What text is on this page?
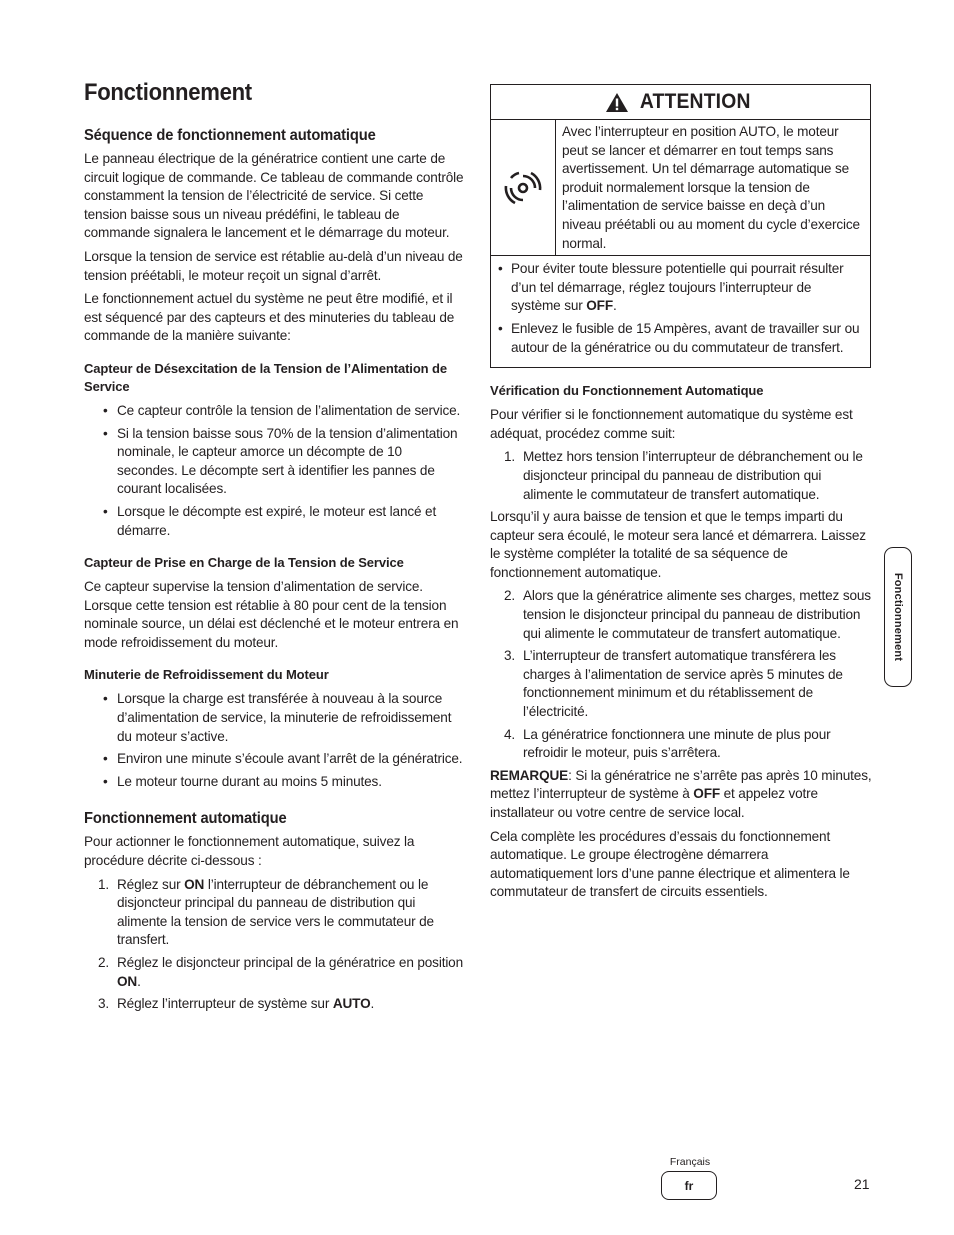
Fonctionnement
Séquence de fonctionnement automatique

Le panneau électrique de la génératrice contient une carte de circuit logique de commande. Ce tableau de commande contrôle constamment la tension de l’électricité de service. Si cette tension baisse sous un niveau prédéfini, le tableau de commande signalera le lancement et le démarrage du moteur.

Lorsque la tension de service est rétablie au-delà d’un niveau de tension préétabli, le moteur reçoit un signal d’arrêt.

Le fonctionnement actuel du système ne peut être modifié, et il est séquencé par des capteurs et des minuteries du tableau de commande de la manière suivante:

Capteur de Désexcitation de la Tension de l’Alimentation de Service
• Ce capteur contrôle la tension de l’alimentation de service.
• Si la tension baisse sous 70% de la tension d’alimentation nominale, le capteur amorce un décompte de 10 secondes. Le décompte sert à identifier les pannes de courant localisées.
• Lorsque le décompte est expiré, le moteur est lancé et démarre.
Capteur de Prise en Charge de la Tension de Service

Ce capteur supervise la tension d’alimentation de service. Lorsque cette tension est rétablie à 80 pour cent de la tension nominale source, un délai est déclenché et le moteur entrera en mode refroidissement du moteur.

Minuterie de Refroidissement du Moteur
• Lorsque la charge est transférée à nouveau à la source d’alimentation de service, la minuterie de refroidissement du moteur s’active.
• Environ une minute s’écoule avant l’arrêt de la génératrice.
• Le moteur tourne durant au moins 5 minutes.
Fonctionnement automatique

Pour actionner le fonctionnement automatique, suivez la procédure décrite ci-dessous :

1. Réglez sur ON l’interrupteur de débranchement ou le disjoncteur principal du panneau de distribution qui alimente la tension de service vers le commutateur de transfert.
2. Réglez le disjoncteur principal de la génératrice en position ON.
3. Réglez l’interrupteur de système sur AUTO.
ATTENTION
Avec l’interrupteur en position AUTO, le moteur peut se lancer et démarrer en tout temps sans avertissement. Un tel démarrage automatique se produit normalement lorsque la tension de l’alimentation de service baisse en deçà d’un niveau préétabli ou au moment du cycle d’exercice normal.
• Pour éviter toute blessure potentielle qui pourrait résulter d’un tel démarrage, réglez toujours l’interrupteur de système sur OFF.
• Enlevez le fusible de 15 Ampères, avant de travailler sur ou autour de la génératrice ou du commutateur de transfert.
Vérification du Fonctionnement Automatique

Pour vérifier si le fonctionnement automatique du système est adéquat, procédez comme suit:

1. Mettez hors tension l’interrupteur de débranchement ou le disjoncteur principal du panneau de distribution qui alimente le commutateur de transfert automatique.

Lorsqu’il y aura baisse de tension et que le temps imparti du capteur sera écoulé, le moteur sera lancé et démarrera. Laissez le système compléter la totalité de sa séquence de fonctionnement automatique.

2. Alors que la génératrice alimente ses charges, mettez sous tension le disjoncteur principal du panneau de distribution qui alimente le commutateur de transfert automatique.
3. L’interrupteur de transfert automatique transférera les charges à l’alimentation de service après 5 minutes de fonctionnement minimum et du rétablissement de l’électricité.
4. La génératrice fonctionnera une minute de plus pour refroidir le moteur, puis s’arrêtera.

REMARQUE: Si la génératrice ne s’arrête pas après 10 minutes, mettez l’interrupteur de système à OFF et appelez votre installateur ou votre centre de service local.

Cela complète les procédures d’essais du fonctionnement automatique. Le groupe électrogène démarrera automatiquement lors d’une panne électrique et alimentera le commutateur de transfert de circuits essentiels.

Fonctionnement
Français
fr	21
